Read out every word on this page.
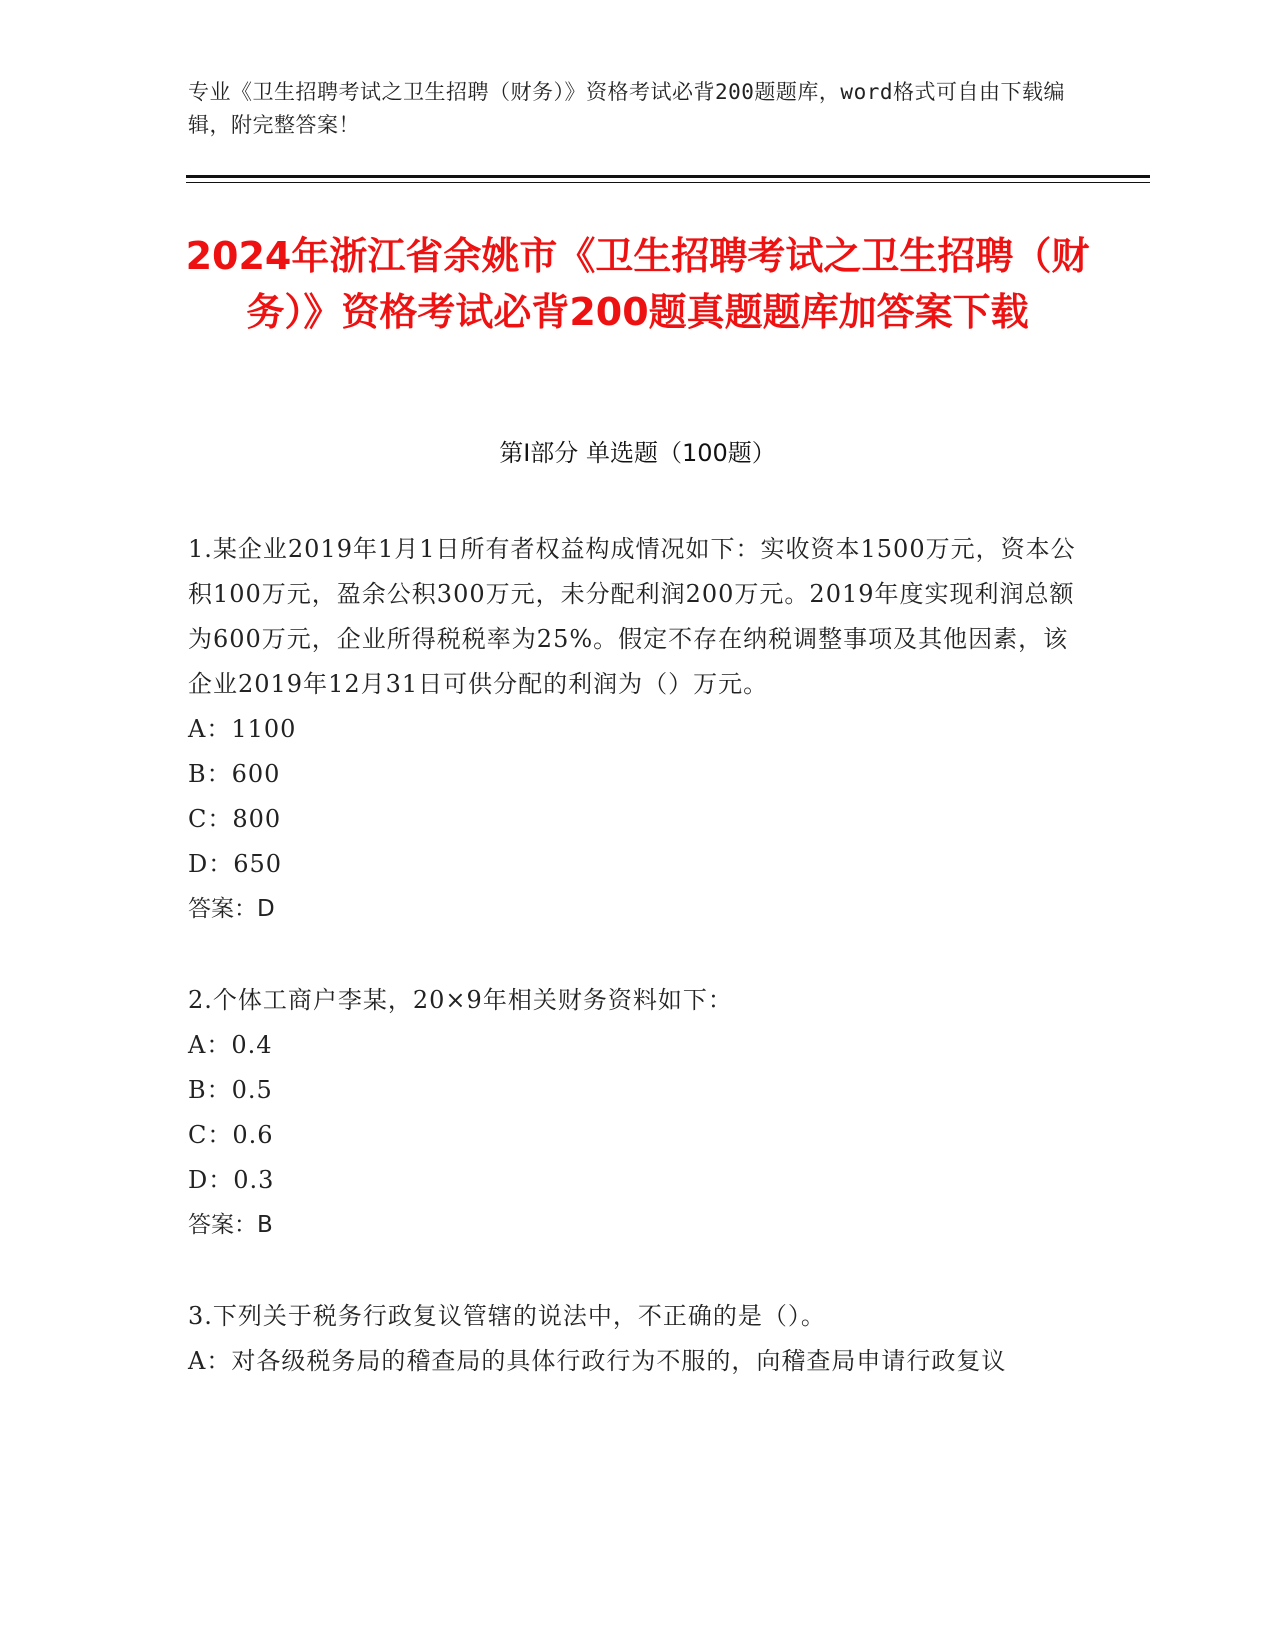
专业《卫生招聘考试之卫生招聘（财务）》资格考试必背200题题库，word格式可自由下载编辑，附完整答案！
2024年浙江省余姚市《卫生招聘考试之卫生招聘（财务）》资格考试必背200题真题题库加答案下载
第Ⅰ部分 单选题（100题）

1.某企业2019年1月1日所有者权益构成情况如下：实收资本1500万元，资本公积100万元，盈余公积300万元，未分配利润200万元。2019年度实现利润总额为600万元，企业所得税税率为25%。假定不存在纳税调整事项及其他因素，该企业2019年12月31日可供分配的利润为（）万元。

A：1100

B：600

C：800

D：650

答案：D

2.个体工商户李某，20×9年相关财务资料如下：

A：0.4

B：0.5

C：0.6

D：0.3

答案：B

3.下列关于税务行政复议管辖的说法中，不正确的是（）。

A：对各级税务局的稽查局的具体行政行为不服的，向稽查局申请行政复议
